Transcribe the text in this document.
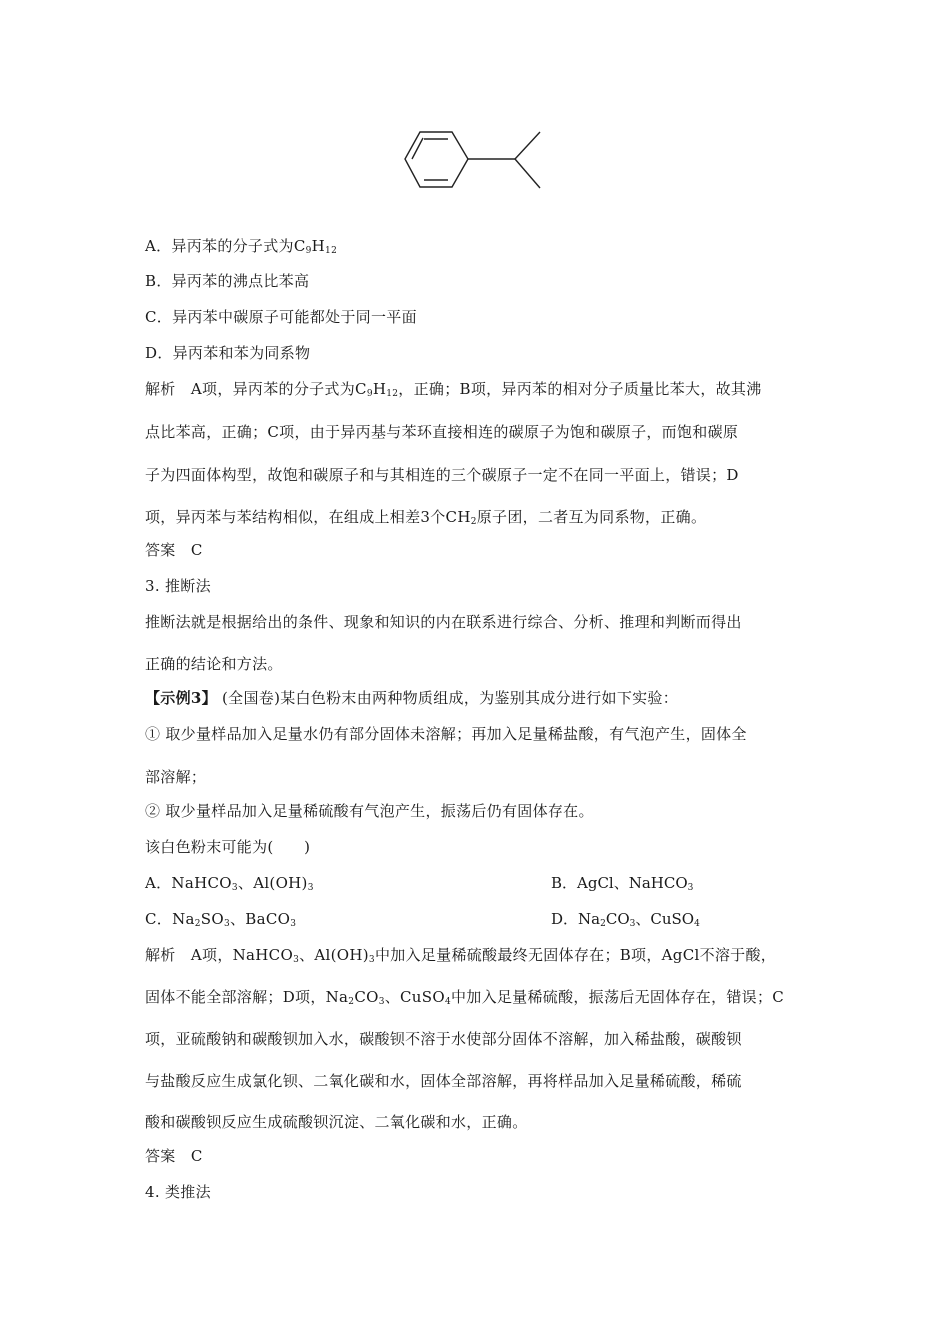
A．异丙苯的分子式为$C_9H_{12}$
B．异丙苯的沸点比苯高
C．异丙苯中碳原子可能都处于同一平面
D．异丙苯和苯为同系物
解析　A项，异丙苯的分子式为$C_9H_{12}$，正确；B项，异丙苯的相对分子质量比苯大，故其沸
点比苯高，正确；C项，由于异丙基与苯环直接相连的碳原子为饱和碳原子，而饱和碳原
子为四面体构型，故饱和碳原子和与其相连的三个碳原子一定不在同一平面上，错误；D
项，异丙苯与苯结构相似，在组成上相差3个$CH_2$原子团，二者互为同系物，正确。
答案　C
3. 推断法
推断法就是根据给出的条件、现象和知识的内在联系进行综合、分析、推理和判断而得出
正确的结论和方法。
【示例3】 (全国卷)某白色粉末由两种物质组成，为鉴别其成分进行如下实验：
① 取少量样品加入足量水仍有部分固体未溶解；再加入足量稀盐酸，有气泡产生，固体全
部溶解；
② 取少量样品加入足量稀硫酸有气泡产生，振荡后仍有固体存在。
该白色粉末可能为(　　)
A．NaHCO$_3$、$Al(OH)_3$	B．AgCl、NaHCO$_3$
C．$Na_2SO_3$、BaCO$_3$	D．$Na_2CO_3$、CuSO$_4$
解析　A项，NaHCO$_3$、$Al(OH)_3$中加入足量稀硫酸最终无固体存在；B项，AgCl不溶于酸，
固体不能全部溶解；D项，$Na_2CO_3$、CuSO$_4$中加入足量稀硫酸，振荡后无固体存在，错误；C
项，亚硫酸钠和碳酸钡加入水，碳酸钡不溶于水使部分固体不溶解，加入稀盐酸，碳酸钡
与盐酸反应生成氯化钡、二氧化碳和水，固体全部溶解，再将样品加入足量稀硫酸，稀硫
酸和碳酸钡反应生成硫酸钡沉淀、二氧化碳和水，正确。
答案　C
4. 类推法
